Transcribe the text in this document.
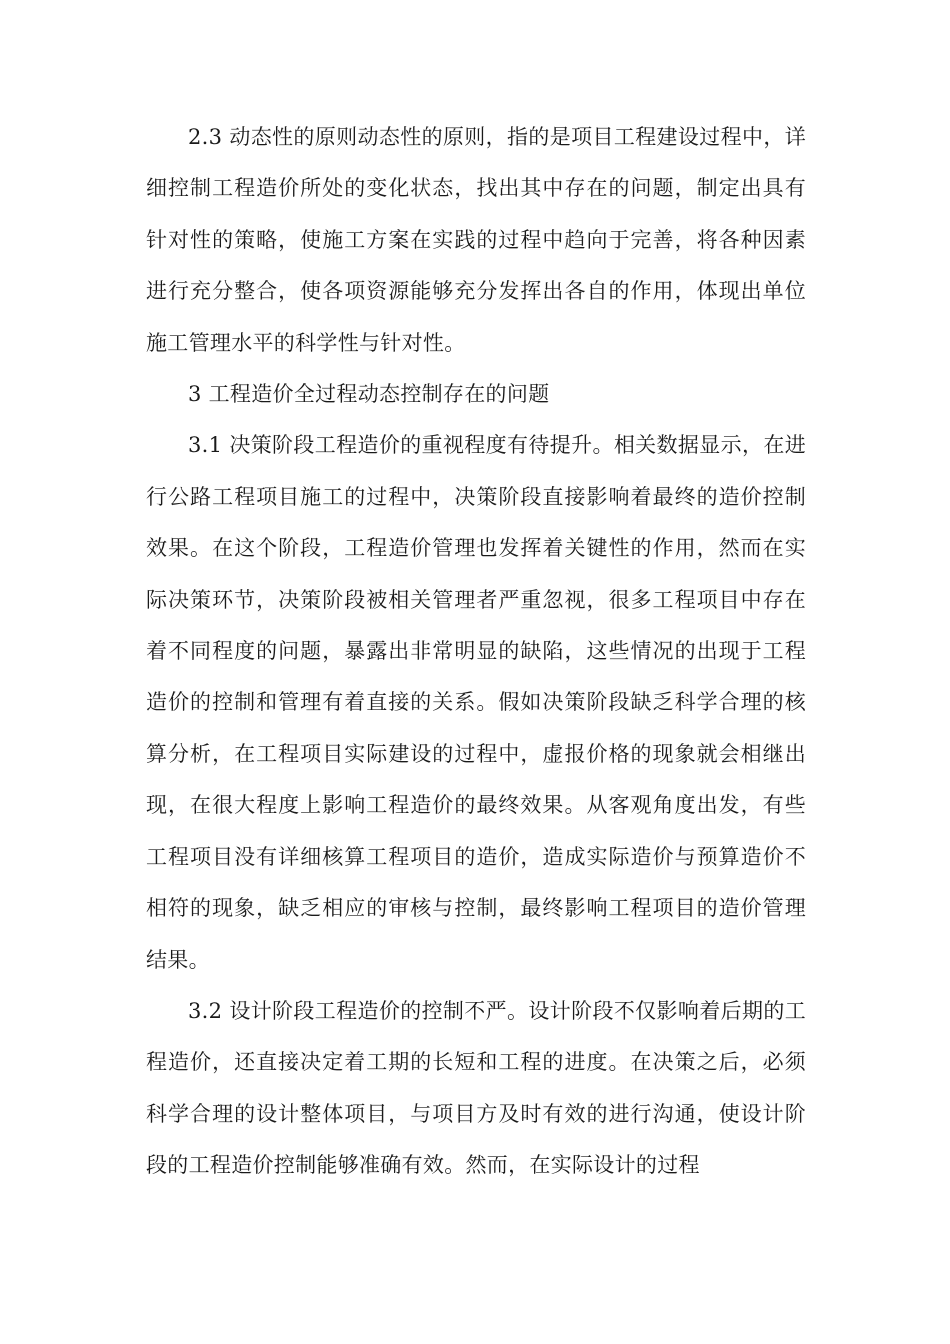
2.3 动态性的原则动态性的原则，指的是项目工程建设过程中，详细控制工程造价所处的变化状态，找出其中存在的问题，制定出具有针对性的策略，使施工方案在实践的过程中趋向于完善，将各种因素进行充分整合，使各项资源能够充分发挥出各自的作用，体现出单位施工管理水平的科学性与针对性。

3 工程造价全过程动态控制存在的问题

3.1 决策阶段工程造价的重视程度有待提升。相关数据显示，在进行公路工程项目施工的过程中，决策阶段直接影响着最终的造价控制效果。在这个阶段，工程造价管理也发挥着关键性的作用，然而在实际决策环节，决策阶段被相关管理者严重忽视，很多工程项目中存在着不同程度的问题，暴露出非常明显的缺陷，这些情况的出现于工程造价的控制和管理有着直接的关系。假如决策阶段缺乏科学合理的核算分析，在工程项目实际建设的过程中，虚报价格的现象就会相继出现，在很大程度上影响工程造价的最终效果。从客观角度出发，有些工程项目没有详细核算工程项目的造价，造成实际造价与预算造价不相符的现象，缺乏相应的审核与控制，最终影响工程项目的造价管理结果。

3.2 设计阶段工程造价的控制不严。设计阶段不仅影响着后期的工程造价，还直接决定着工期的长短和工程的进度。在决策之后，必须科学合理的设计整体项目，与项目方及时有效的进行沟通，使设计阶段的工程造价控制能够准确有效。然而，在实际设计的过程
